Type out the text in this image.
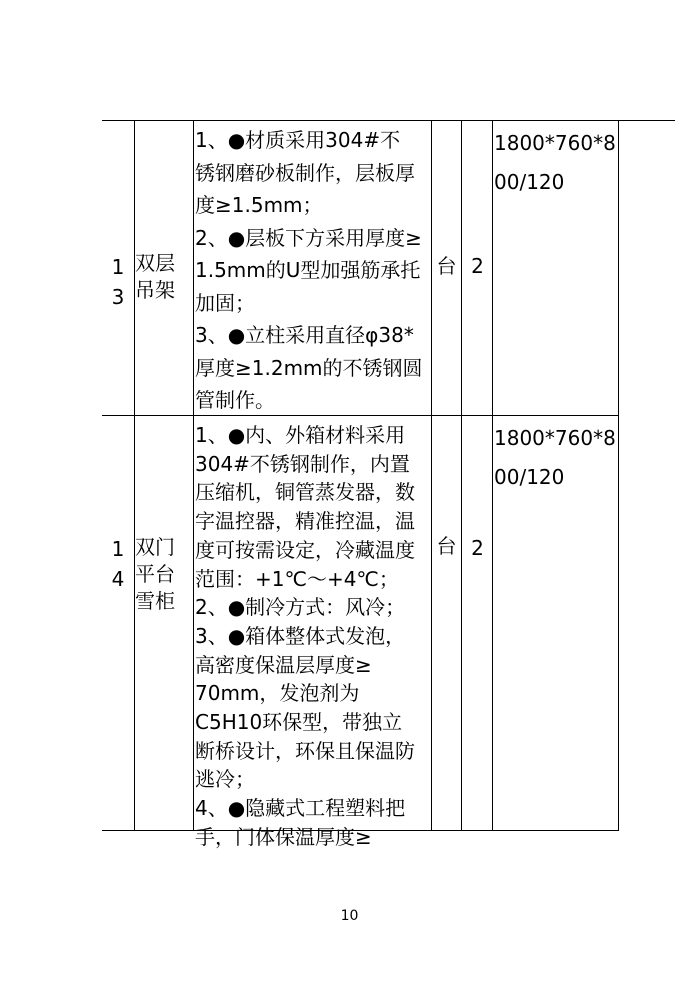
1
3
双层
吊架
1、●材质采用304#不
锈钢磨砂板制作，层板厚
度≥1.5mm；
2、●层板下方采用厚度≥
1.5mm的U型加强筋承托
加固；
3、●立柱采用直径φ38*
厚度≥1.2mm的不锈钢圆
管制作。
台 2
1800*760*8
00/120
1
4
双门
平台
雪柜
1、●内、外箱材料采用
304#不锈钢制作，内置
压缩机，铜管蒸发器，数
字温控器，精准控温，温
度可按需设定，冷藏温度
范围：+1℃～+4℃；
2、●制冷方式：风冷；
3、●箱体整体式发泡，
高密度保温层厚度≥
70mm，发泡剂为
C5H10环保型，带独立
断桥设计，环保且保温防
逃冷；
4、●隐藏式工程塑料把
手，门体保温厚度≥
台 2
1800*760*8
00/120
10
